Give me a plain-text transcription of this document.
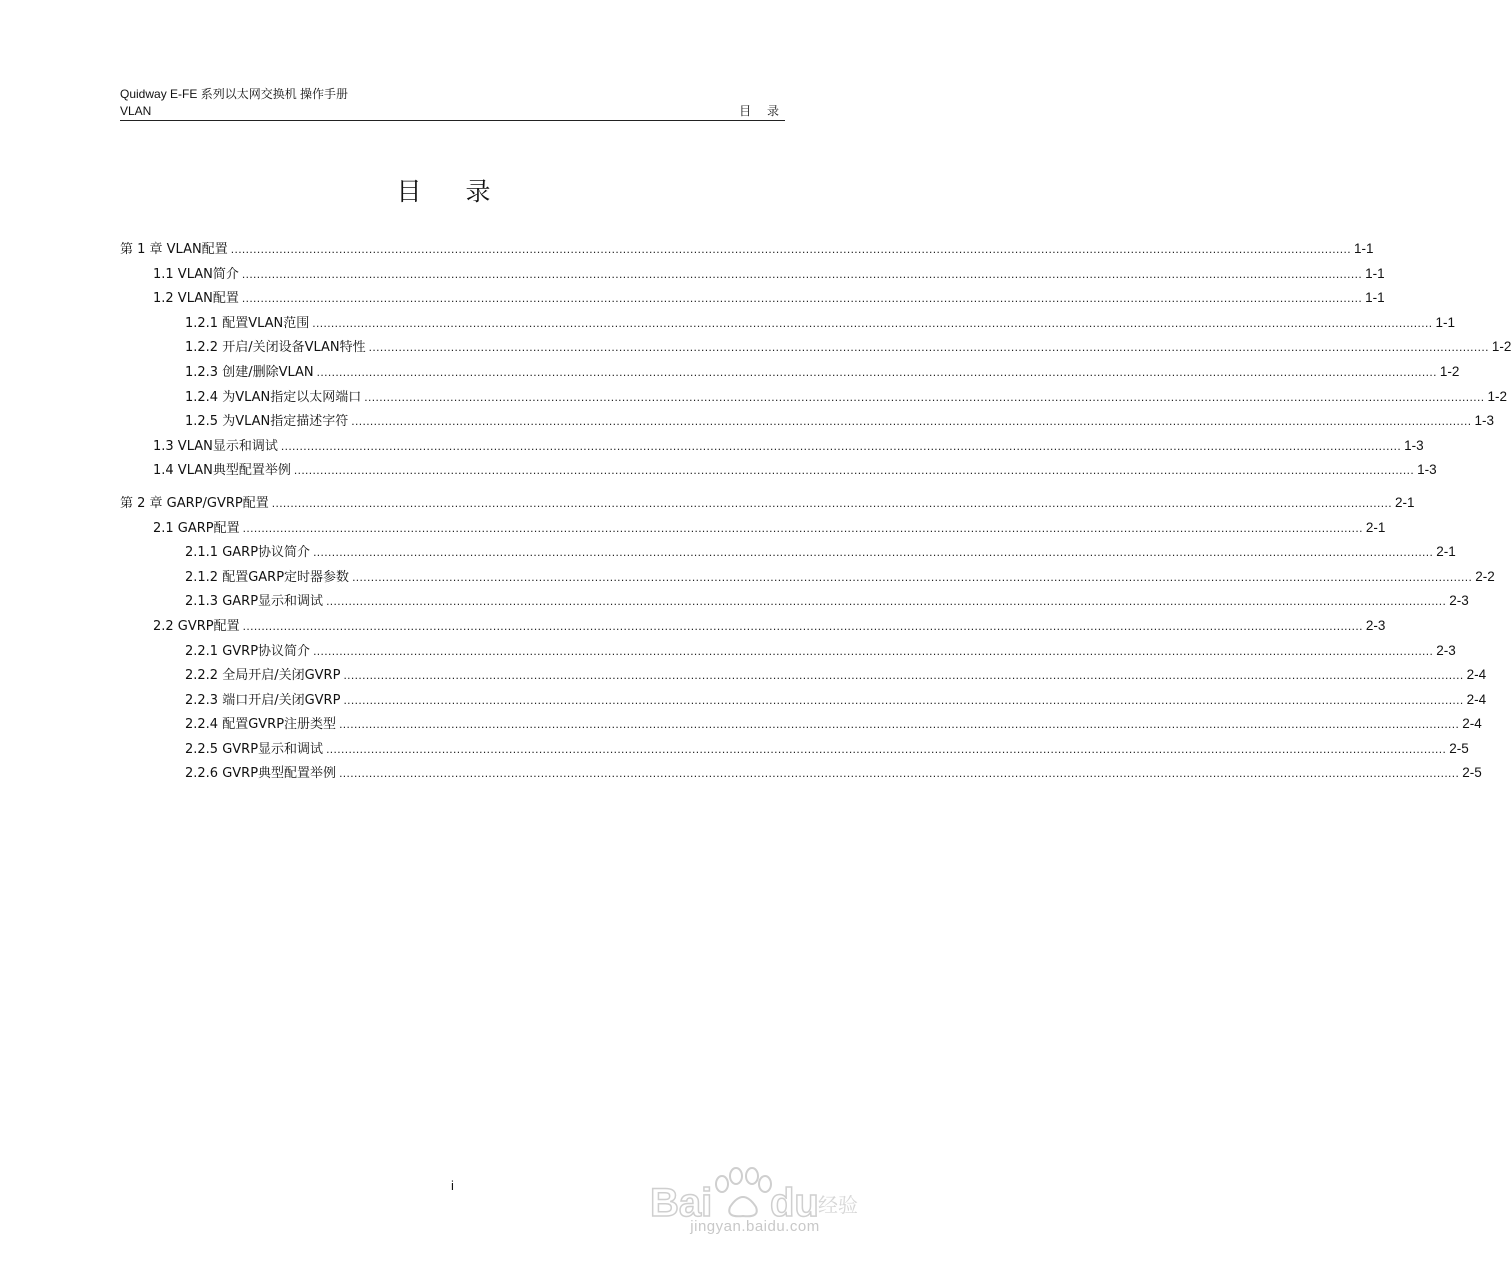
Quidway E-FE 系列以太网交换机 操作手册
VLAN	目 录
目 录
第 1 章 VLAN配置 ............................................................................................................................................................................................................................................................................................................ 1-1
1.1 VLAN简介 ............................................................................................................................................................................................................................................................................................................ 1-1
1.2 VLAN配置 ............................................................................................................................................................................................................................................................................................................ 1-1
1.2.1 配置VLAN范围 ............................................................................................................................................................................................................................................................................................................ 1-1
1.2.2 开启/关闭设备VLAN特性 ............................................................................................................................................................................................................................................................................................................ 1-2
1.2.3 创建/删除VLAN ............................................................................................................................................................................................................................................................................................................ 1-2
1.2.4 为VLAN指定以太网端口 ............................................................................................................................................................................................................................................................................................................ 1-2
1.2.5 为VLAN指定描述字符 ............................................................................................................................................................................................................................................................................................................ 1-3
1.3 VLAN显示和调试 ............................................................................................................................................................................................................................................................................................................ 1-3
1.4 VLAN典型配置举例 ............................................................................................................................................................................................................................................................................................................ 1-3
第 2 章 GARP/GVRP配置 ............................................................................................................................................................................................................................................................................................................ 2-1
2.1 GARP配置 ............................................................................................................................................................................................................................................................................................................ 2-1
2.1.1 GARP协议简介 ............................................................................................................................................................................................................................................................................................................ 2-1
2.1.2 配置GARP定时器参数 ............................................................................................................................................................................................................................................................................................................ 2-2
2.1.3 GARP显示和调试 ............................................................................................................................................................................................................................................................................................................ 2-3
2.2 GVRP配置 ............................................................................................................................................................................................................................................................................................................ 2-3
2.2.1 GVRP协议简介 ............................................................................................................................................................................................................................................................................................................ 2-3
2.2.2 全局开启/关闭GVRP ............................................................................................................................................................................................................................................................................................................ 2-4
2.2.3 端口开启/关闭GVRP ............................................................................................................................................................................................................................................................................................................ 2-4
2.2.4 配置GVRP注册类型 ............................................................................................................................................................................................................................................................................................................ 2-4
2.2.5 GVRP显示和调试 ............................................................................................................................................................................................................................................................................................................ 2-5
2.2.6 GVRP典型配置举例 ............................................................................................................................................................................................................................................................................................................ 2-5
i	Bai du 经验
jingyan.baidu.com
